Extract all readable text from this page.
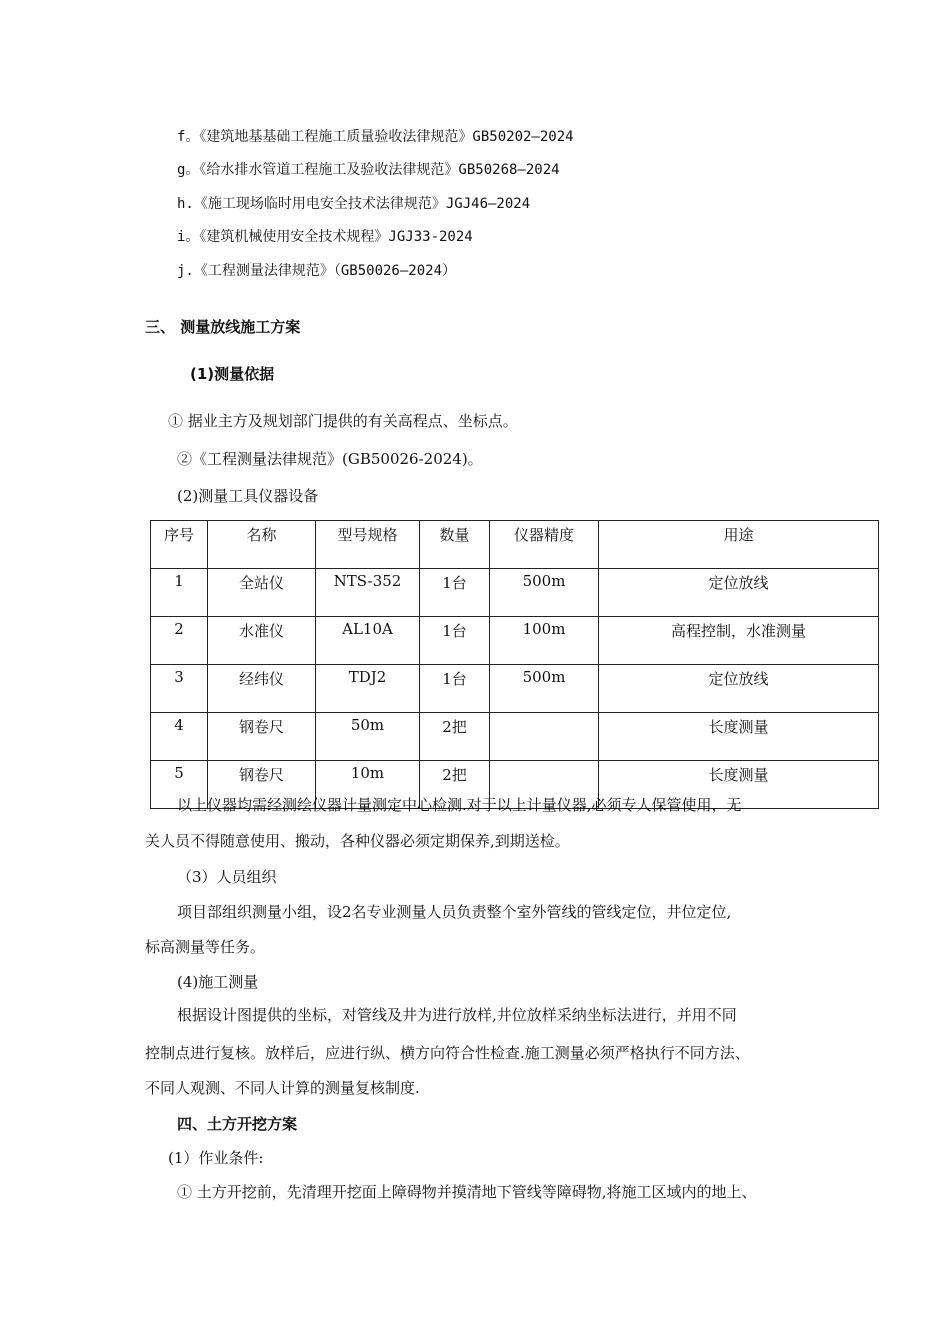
f。《建筑地基基础工程施工质量验收法律规范》GB50202—2024
g。《给水排水管道工程施工及验收法律规范》GB50268—2024
h.《施工现场临时用电安全技术法律规范》JGJ46—2024
i。《建筑机械使用安全技术规程》JGJ33-2024
j.《工程测量法律规范》（GB50026—2024）
三、 测量放线施工方案
(1)测量依据
① 据业主方及规划部门提供的有关高程点、坐标点。
②《工程测量法律规范》(GB50026-2024)。
(2)测量工具仪器设备
序号	名称	型号规格	数量	仪器精度	用途
1	全站仪	NTS-352	1台	500m	定位放线
2	水准仪	AL10A	1台	100m	高程控制，水准测量
3	经纬仪	TDJ2	1台	500m	定位放线
4	钢卷尺	50m	2把		长度测量
5	钢卷尺	10m	2把		长度测量
以上仪器均需经测绘仪器计量测定中心检测.对于以上计量仪器,必须专人保管使用，无
关人员不得随意使用、搬动，各种仪器必须定期保养,到期送检。
（3）人员组织
项目部组织测量小组，设2名专业测量人员负责整个室外管线的管线定位，井位定位,
标高测量等任务。
(4)施工测量
根据设计图提供的坐标，对管线及井为进行放样,井位放样采纳坐标法进行，并用不同
控制点进行复核。放样后，应进行纵、横方向符合性检查.施工测量必须严格执行不同方法、
不同人观测、不同人计算的测量复核制度.
四、土方开挖方案
(1）作业条件:
① 土方开挖前，先清理开挖面上障碍物并摸清地下管线等障碍物,将施工区域内的地上、
